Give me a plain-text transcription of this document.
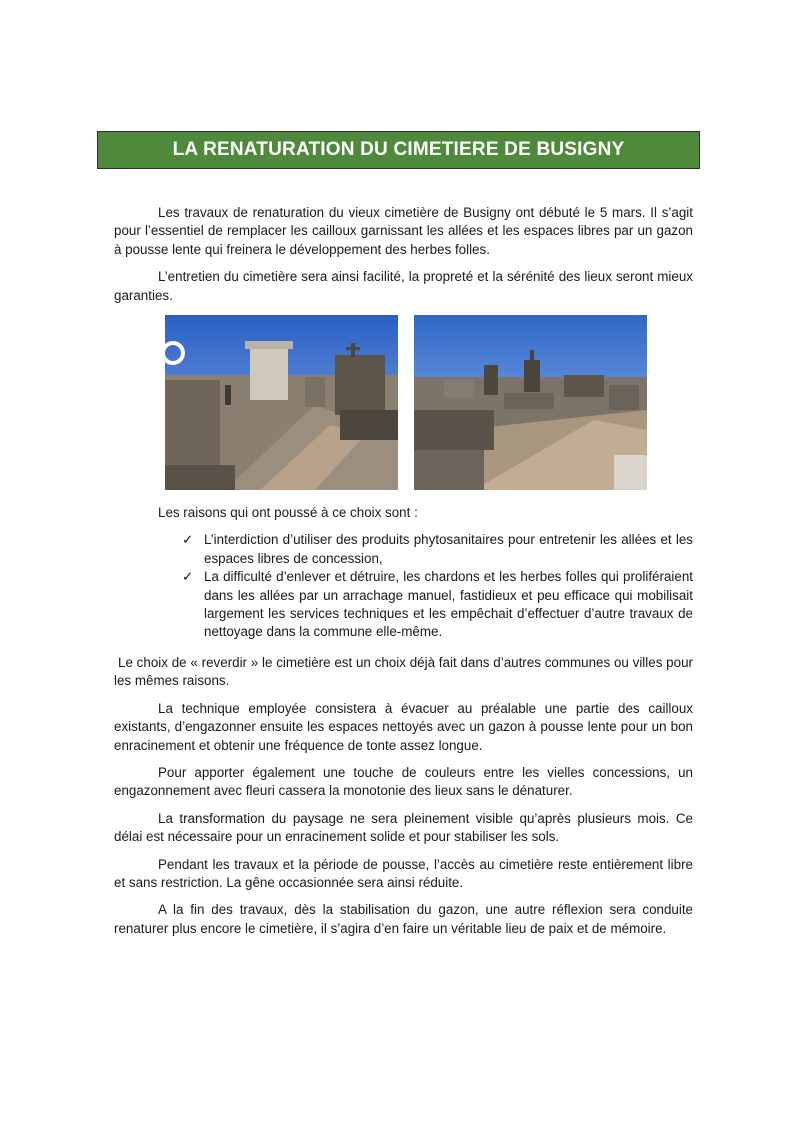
LA RENATURATION DU CIMETIERE DE BUSIGNY

Les travaux de renaturation du vieux cimetière de Busigny ont débuté le 5 mars. Il s’agit pour l’essentiel de remplacer les cailloux garnissant les allées et les espaces libres par un gazon à pousse lente qui freinera le développement des herbes folles.

L’entretien du cimetière sera ainsi facilité, la propreté et la sérénité des lieux seront mieux garanties.

Les raisons qui ont poussé à ce choix sont :

✓ L’interdiction d’utiliser des produits phytosanitaires pour entretenir les allées et les espaces libres de concession,
✓ La difficulté d’enlever et détruire, les chardons et les herbes folles qui proliféraient dans les allées par un arrachage manuel, fastidieux et peu efficace qui mobilisait largement les services techniques et les empêchait d’effectuer d’autre travaux de nettoyage dans la commune elle-même.

Le choix de « reverdir » le cimetière est un choix déjà fait dans d’autres communes ou villes pour les mêmes raisons.

La technique employée consistera à évacuer au préalable une partie des cailloux existants, d’engazonner ensuite les espaces nettoyés avec un gazon à pousse lente pour un bon enracinement et obtenir une fréquence de tonte assez longue.

Pour apporter également une touche de couleurs entre les vielles concessions, un engazonnement avec fleuri cassera la monotonie des lieux sans le dénaturer.

La transformation du paysage ne sera pleinement visible qu’après plusieurs mois. Ce délai est nécessaire pour un enracinement solide et pour stabiliser les sols.

Pendant les travaux et la période de pousse, l’accès au cimetière reste entièrement libre et sans restriction. La gêne occasionnée sera ainsi réduite.

A la fin des travaux, dès la stabilisation du gazon, une autre réflexion sera conduite renaturer plus encore le cimetière, il s’agira d’en faire un véritable lieu de paix et de mémoire.
